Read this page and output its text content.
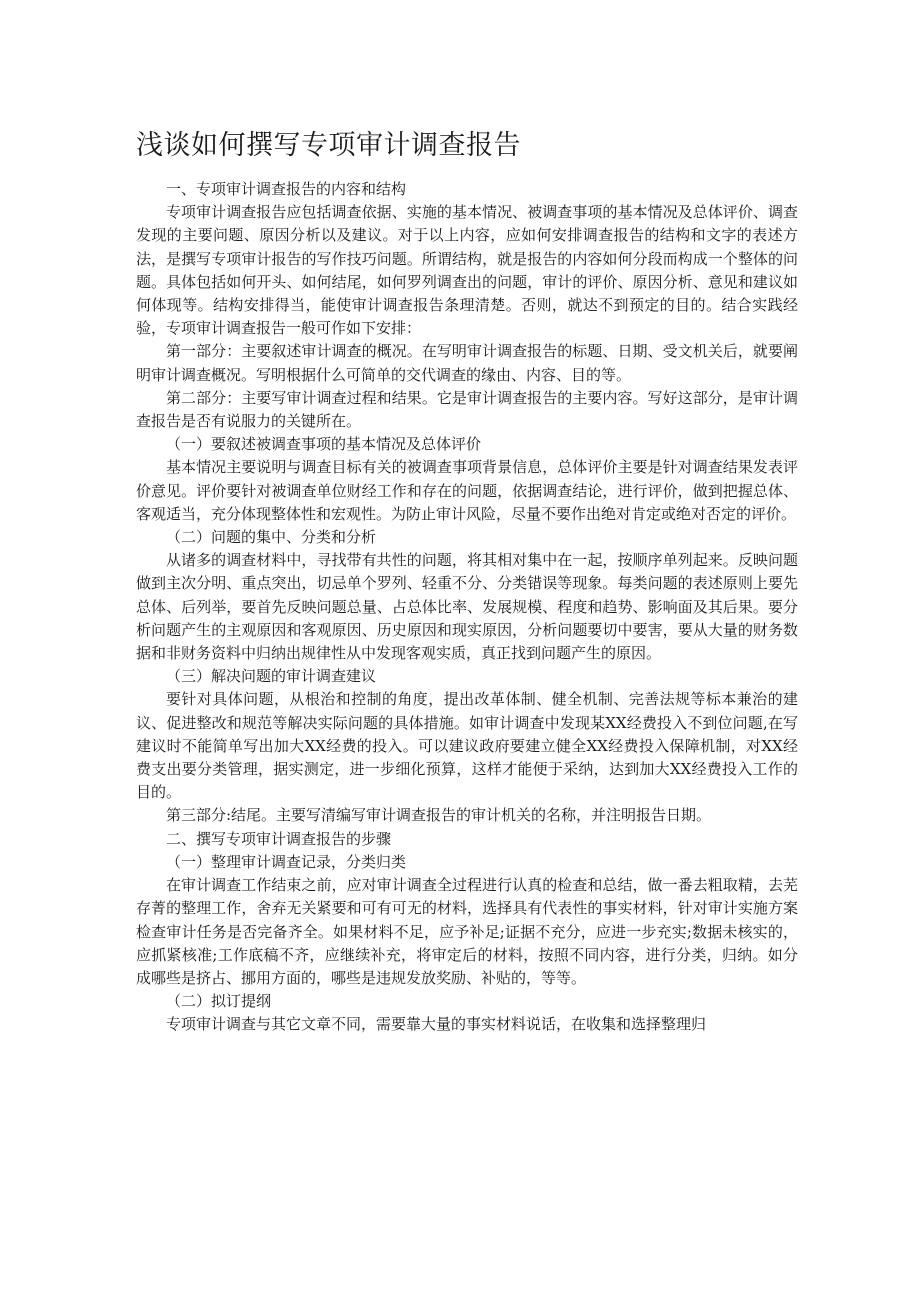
浅谈如何撰写专项审计调查报告

一、专项审计调查报告的内容和结构

专项审计调查报告应包括调查依据、实施的基本情况、被调查事项的基本情况及总体评价、调查发现的主要问题、原因分析以及建议。对于以上内容，应如何安排调查报告的结构和文字的表述方法，是撰写专项审计报告的写作技巧问题。所谓结构，就是报告的内容如何分段而构成一个整体的问题。具体包括如何开头、如何结尾，如何罗列调查出的问题，审计的评价、原因分析、意见和建议如何体现等。结构安排得当，能使审计调查报告条理清楚。否则，就达不到预定的目的。结合实践经验，专项审计调查报告一般可作如下安排：

第一部分：主要叙述审计调查的概况。在写明审计调查报告的标题、日期、受文机关后，就要阐明审计调查概况。写明根据什么可简单的交代调查的缘由、内容、目的等。

第二部分：主要写审计调查过程和结果。它是审计调查报告的主要内容。写好这部分，是审计调查报告是否有说服力的关键所在。

（一）要叙述被调查事项的基本情况及总体评价

基本情况主要说明与调查目标有关的被调查事项背景信息，总体评价主要是针对调查结果发表评价意见。评价要针对被调查单位财经工作和存在的问题，依据调查结论，进行评价，做到把握总体、客观适当，充分体现整体性和宏观性。为防止审计风险，尽量不要作出绝对肯定或绝对否定的评价。

（二）问题的集中、分类和分析

从诸多的调查材料中，寻找带有共性的问题，将其相对集中在一起，按顺序单列起来。反映问题做到主次分明、重点突出，切忌单个罗列、轻重不分、分类错误等现象。每类问题的表述原则上要先总体、后列举，要首先反映问题总量、占总体比率、发展规模、程度和趋势、影响面及其后果。要分析问题产生的主观原因和客观原因、历史原因和现实原因，分析问题要切中要害，要从大量的财务数据和非财务资料中归纳出规律性从中发现客观实质，真正找到问题产生的原因。

（三）解决问题的审计调查建议

要针对具体问题，从根治和控制的角度，提出改革体制、健全机制、完善法规等标本兼治的建议、促进整改和规范等解决实际问题的具体措施。如审计调查中发现某XX经费投入不到位问题,在写建议时不能简单写出加大XX经费的投入。可以建议政府要建立健全XX经费投入保障机制，对XX经费支出要分类管理，据实测定，进一步细化预算，这样才能便于采纳，达到加大XX经费投入工作的目的。

第三部分:结尾。主要写清编写审计调查报告的审计机关的名称，并注明报告日期。

二、撰写专项审计调查报告的步骤

（一）整理审计调查记录，分类归类

在审计调查工作结束之前，应对审计调查全过程进行认真的检查和总结，做一番去粗取精，去芜存菁的整理工作，舍弃无关紧要和可有可无的材料，选择具有代表性的事实材料，针对审计实施方案检查审计任务是否完备齐全。如果材料不足，应予补足;证据不充分，应进一步充实;数据未核实的，应抓紧核准;工作底稿不齐，应继续补充，将审定后的材料，按照不同内容，进行分类，归纳。如分成哪些是挤占、挪用方面的，哪些是违规发放奖励、补贴的，等等。

（二）拟订提纲

专项审计调查与其它文章不同，需要靠大量的事实材料说话，在收集和选择整理归
